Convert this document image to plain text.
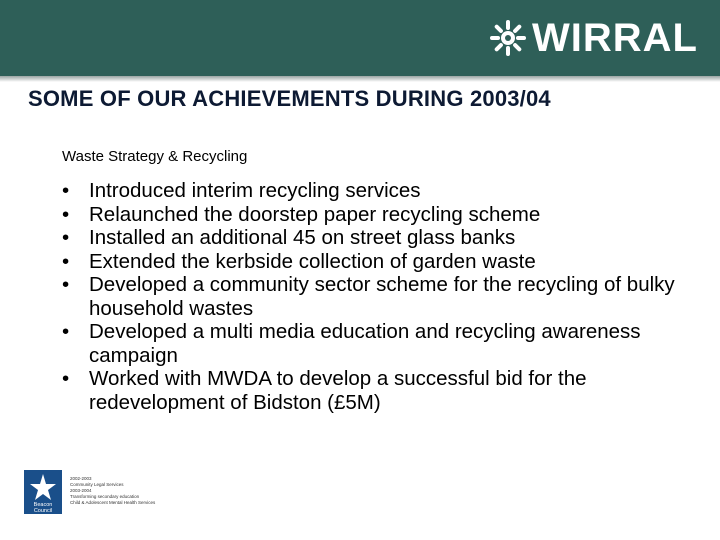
WIRRAL
SOME OF OUR ACHIEVEMENTS DURING 2003/04
Waste Strategy & Recycling
• Introduced interim recycling services
• Relaunched the doorstep paper recycling scheme
• Installed an additional 45 on street glass banks
• Extended the kerbside collection of garden waste
• Developed a community sector scheme for the recycling of bulky household wastes
• Developed a multi media education and recycling awareness campaign
• Worked with MWDA to develop a successful bid for the redevelopment of Bidston (£5M)
Beacon
Council
2002-2003
Community Legal Services
2003-2004
Transforming secondary education
Child & Adolescent Mental Health Services
